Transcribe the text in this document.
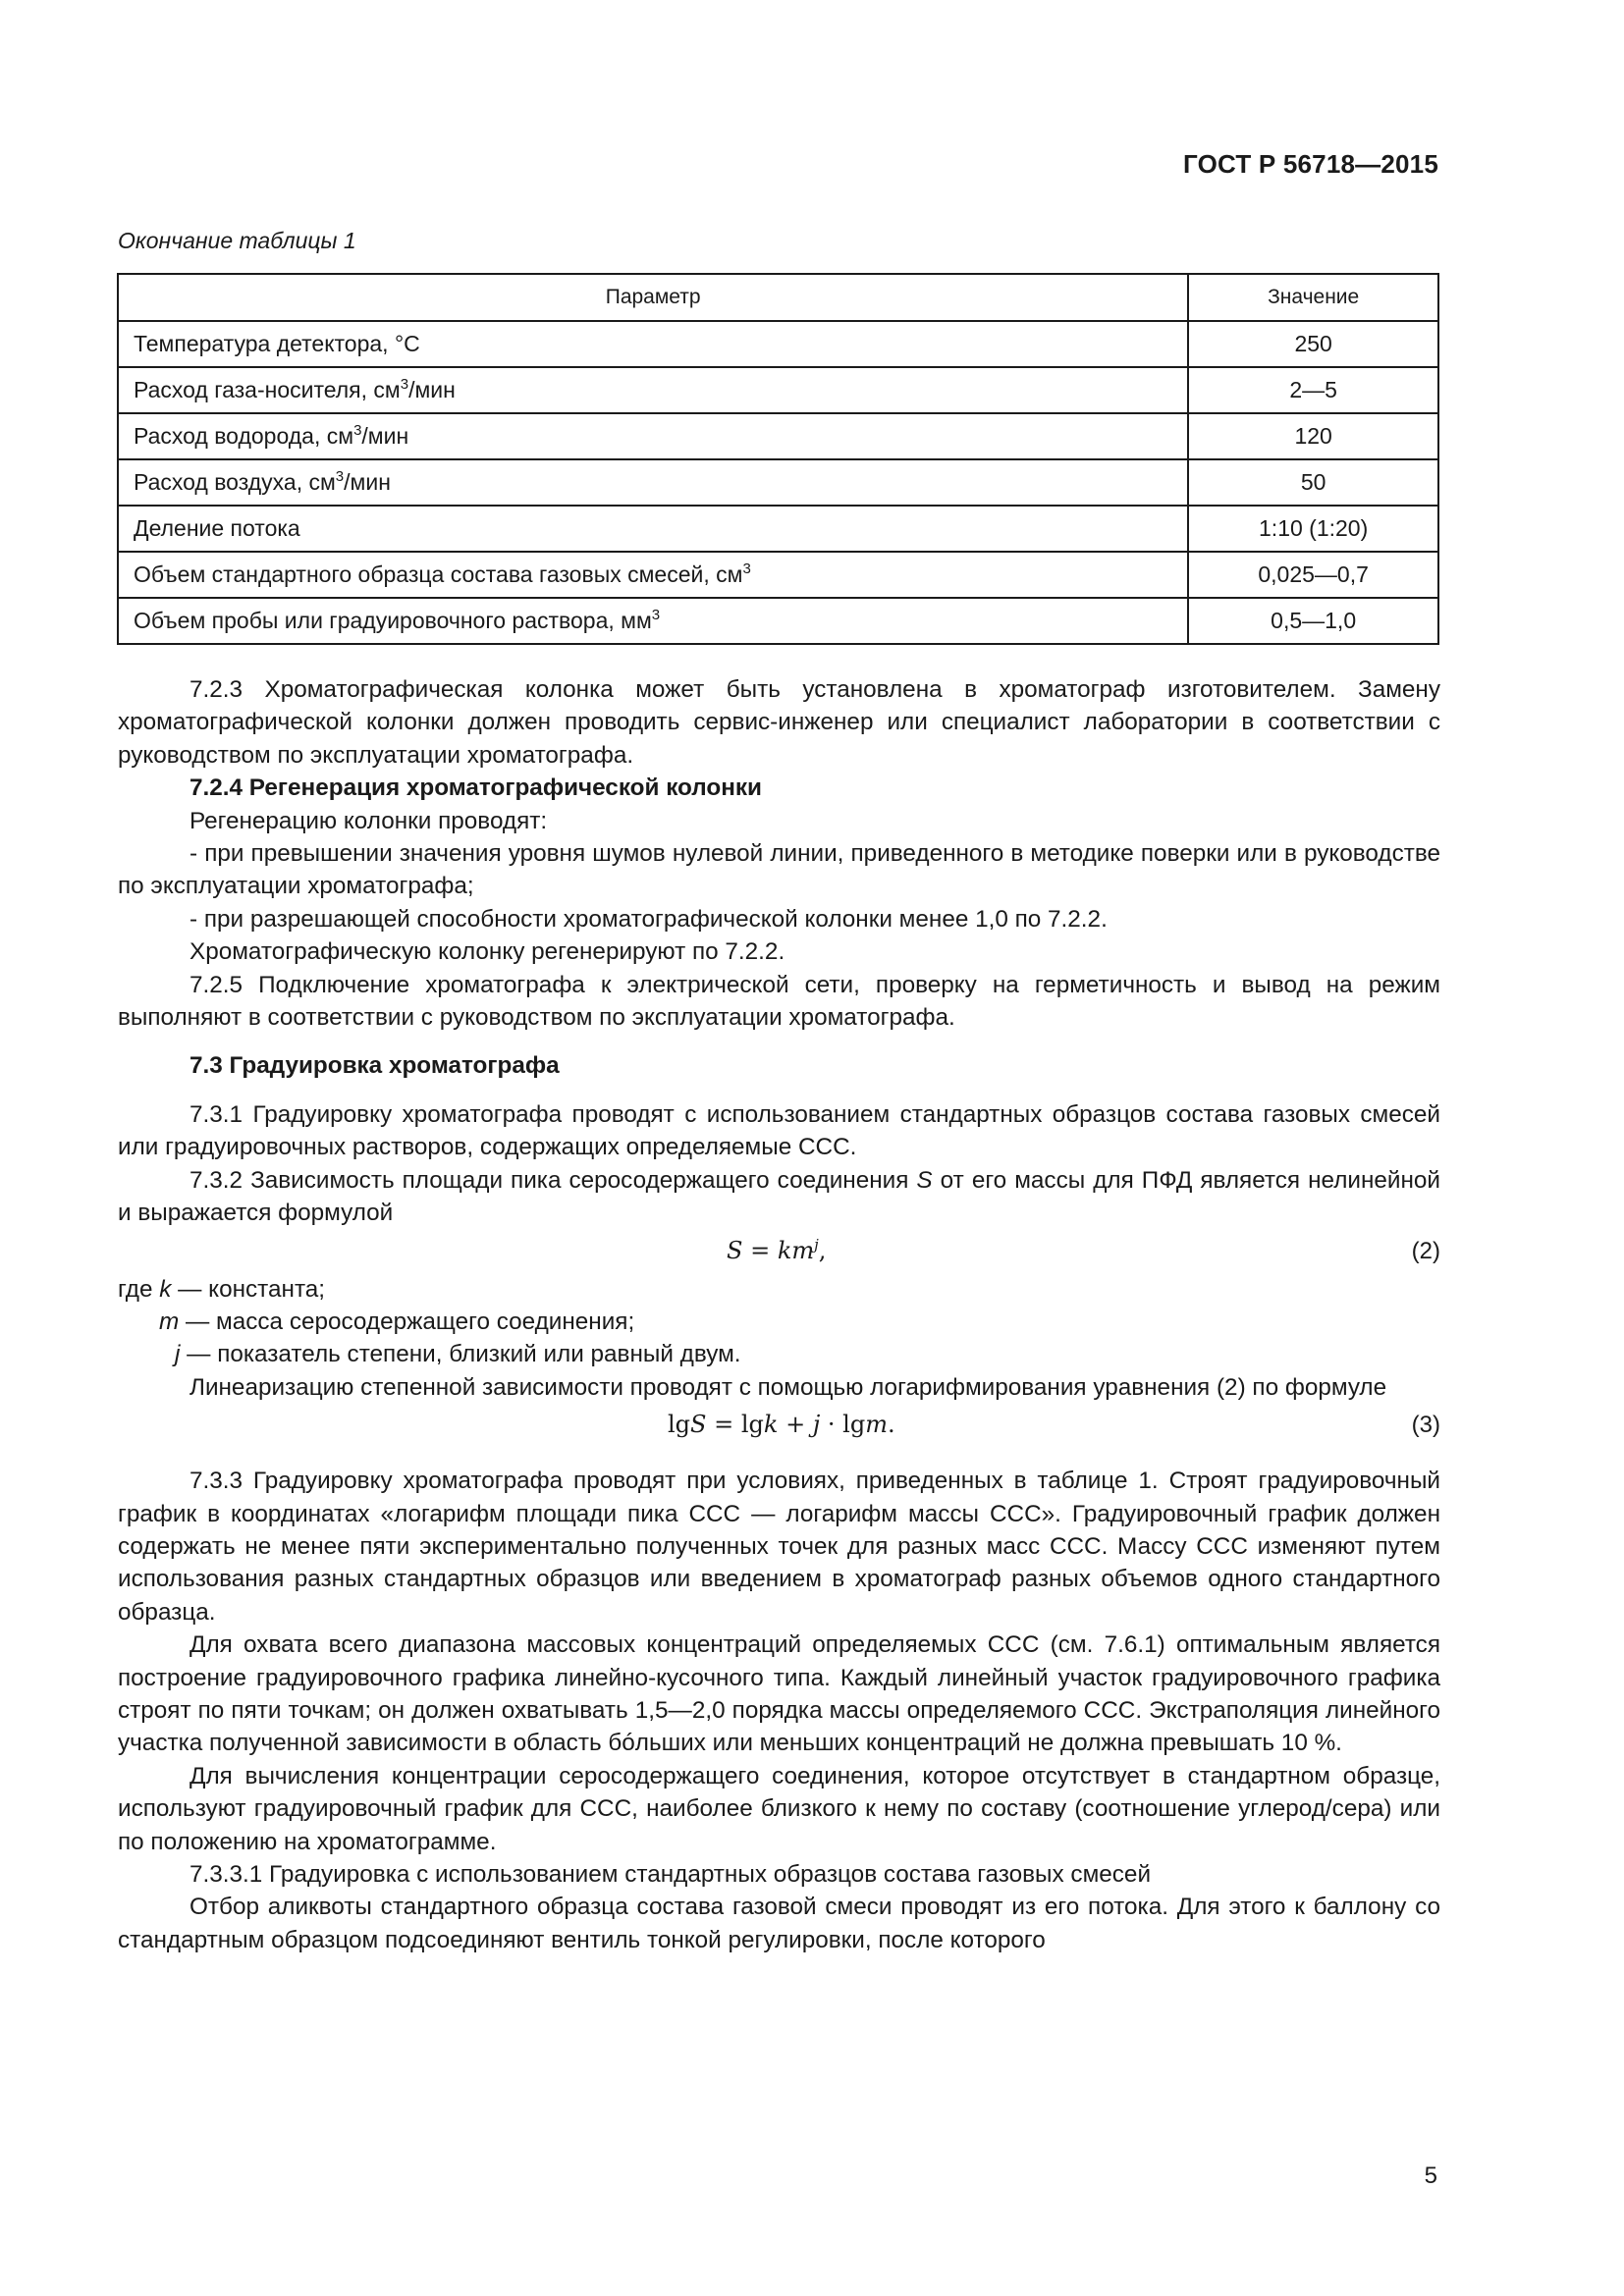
ГОСТ Р 56718—2015
Окончание таблицы 1
Параметр	Значение
Температура детектора, °С	250
Расход газа-носителя, $см^3$/мин	2—5
Расход водорода, $см^3$/мин	120
Расход воздуха, $см^3$/мин	50
Деление потока	1:10 (1:20)
Объем стандартного образца состава газовых смесей, $см^3$	0,025—0,7
Объем пробы или градуировочного раствора, $мм^3$	0,5—1,0

7.2.3 Хроматографическая колонка может быть установлена в хроматограф изготовителем. Замену хроматографической колонки должен проводить сервис-инженер или специалист лаборатории в соответствии с руководством по эксплуатации хроматографа.

7.2.4 Регенерация хроматографической колонки

Регенерацию колонки проводят:

- при превышении значения уровня шумов нулевой линии, приведенного в методике поверки или в руководстве по эксплуатации хроматографа;

- при разрешающей способности хроматографической колонки менее 1,0 по 7.2.2.

Хроматографическую колонку регенерируют по 7.2.2.

7.2.5 Подключение хроматографа к электрической сети, проверку на герметичность и вывод на режим выполняют в соответствии с руководством по эксплуатации хроматографа.

7.3 Градуировка хроматографа

7.3.1 Градуировку хроматографа проводят с использованием стандартных образцов состава газовых смесей или градуировочных растворов, содержащих определяемые ССС.

7.3.2 Зависимость площади пика серосодержащего соединения S от его массы для ПФД является нелинейной и выражается формулой

$S = km^j$,	(2)
где k — константа;
m — масса серосодержащего соединения;
j — показатель степени, близкий или равный двум.

Линеаризацию степенной зависимости проводят с помощью логарифмирования уравнения (2) по формуле

lgS = lgk + j · lgm.	(3)

7.3.3 Градуировку хроматографа проводят при условиях, приведенных в таблице 1. Строят градуировочный график в координатах «логарифм площади пика ССС — логарифм массы ССС». Градуировочный график должен содержать не менее пяти экспериментально полученных точек для разных масс ССС. Массу ССС изменяют путем использования разных стандартных образцов или введением в хроматограф разных объемов одного стандартного образца.

Для охвата всего диапазона массовых концентраций определяемых ССС (см. 7.6.1) оптимальным является построение градуировочного графика линейно-кусочного типа. Каждый линейный участок градуировочного графика строят по пяти точкам; он должен охватывать 1,5—2,0 порядка массы определяемого ССС. Экстраполяция линейного участка полученной зависимости в область бóльших или меньших концентраций не должна превышать 10 %.

Для вычисления концентрации серосодержащего соединения, которое отсутствует в стандартном образце, используют градуировочный график для ССС, наиболее близкого к нему по составу (соотношение углерод/сера) или по положению на хроматограмме.

7.3.3.1 Градуировка с использованием стандартных образцов состава газовых смесей

Отбор аликвоты стандартного образца состава газовой смеси проводят из его потока. Для этого к баллону со стандартным образцом подсоединяют вентиль тонкой регулировки, после которого

5
